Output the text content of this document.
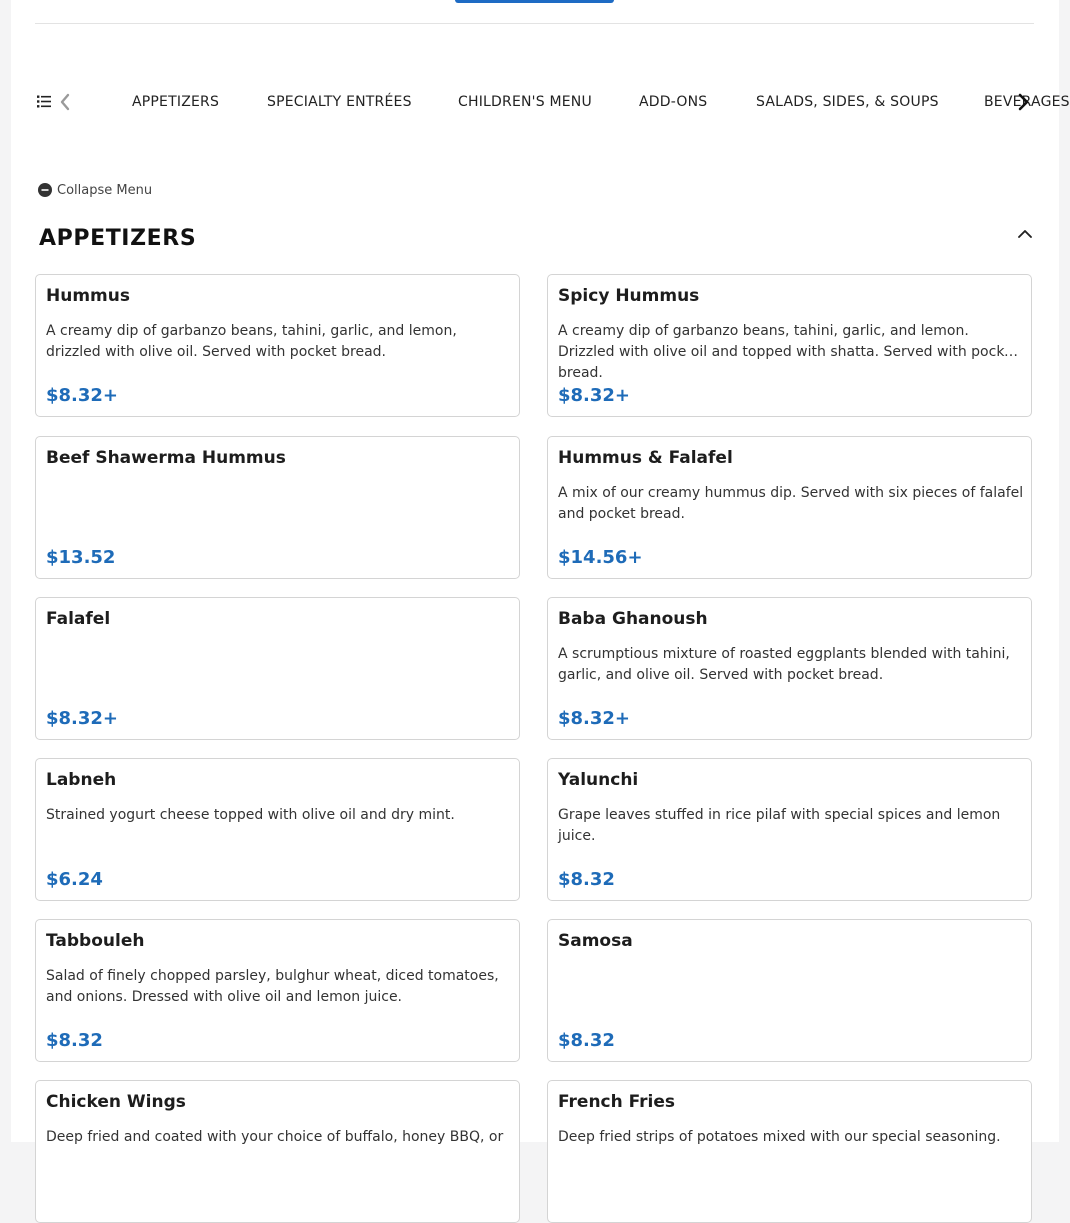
APPETIZERS	SPECIALTY ENTRÉES	CHILDREN'S MENU	ADD-ONS	SALADS, SIDES, & SOUPS	BEVERAGES
Collapse Menu
APPETIZERS
Hummus
A creamy dip of garbanzo beans, tahini, garlic, and lemon, drizzled with olive oil. Served with pocket bread.
$8.32+
Spicy Hummus
A creamy dip of garbanzo beans, tahini, garlic, and lemon. Drizzled with olive oil and topped with shatta. Served with pocket bread.
$8.32+
Beef Shawerma Hummus
$13.52
Hummus & Falafel
A mix of our creamy hummus dip. Served with six pieces of falafel and pocket bread.
$14.56+
Falafel
$8.32+
Baba Ghanoush
A scrumptious mixture of roasted eggplants blended with tahini, garlic, and olive oil. Served with pocket bread.
$8.32+
Labneh
Strained yogurt cheese topped with olive oil and dry mint.
$6.24
Yalunchi
Grape leaves stuffed in rice pilaf with special spices and lemon juice.
$8.32
Tabbouleh
Salad of finely chopped parsley, bulghur wheat, diced tomatoes, and onions. Dressed with olive oil and lemon juice.
$8.32
Samosa
$8.32
Chicken Wings
Deep fried and coated with your choice of buffalo, honey BBQ, or
French Fries
Deep fried strips of potatoes mixed with our special seasoning.
